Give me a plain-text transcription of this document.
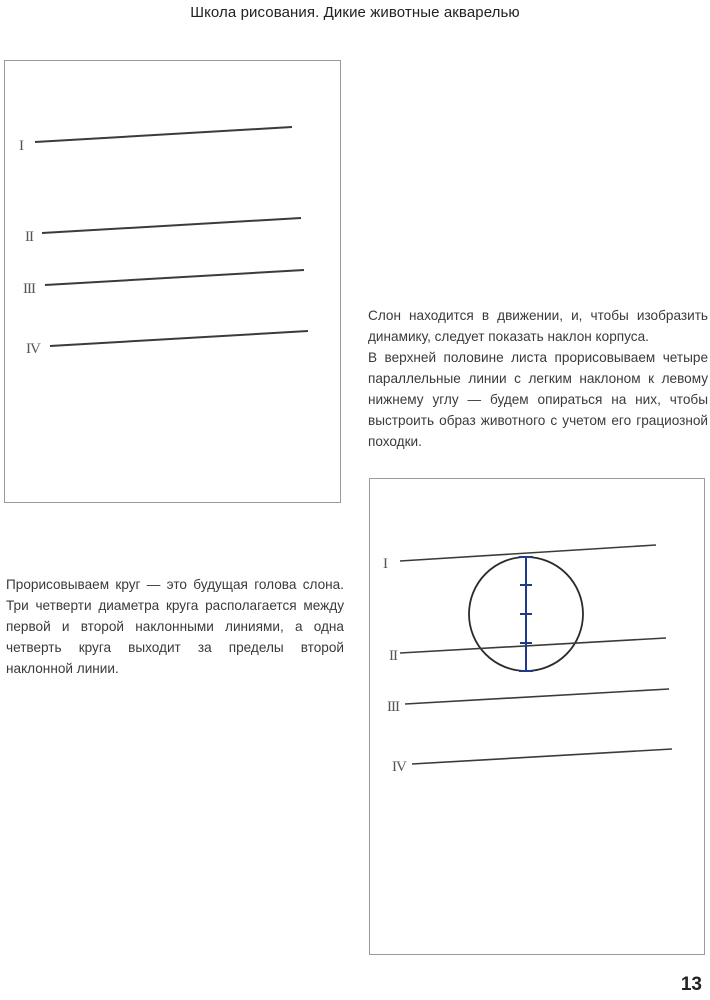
Школа рисования. Дикие животные акварелью
I
II
III
IV

Слон находится в движении, и, чтобы изобразить динамику, следует показать наклон корпуса.

В верхней половине листа прорисовываем четыре параллельные линии с легким наклоном к левому нижнему углу — будем опираться на них, чтобы выстроить образ животного с учетом его грациозной походки.

Прорисовываем круг — это будущая голова слона. Три четверти диаметра круга располагается между первой и второй наклонными линиями, а одна четверть круга выходит за пределы второй наклонной линии.
I
II
III
IV
13
